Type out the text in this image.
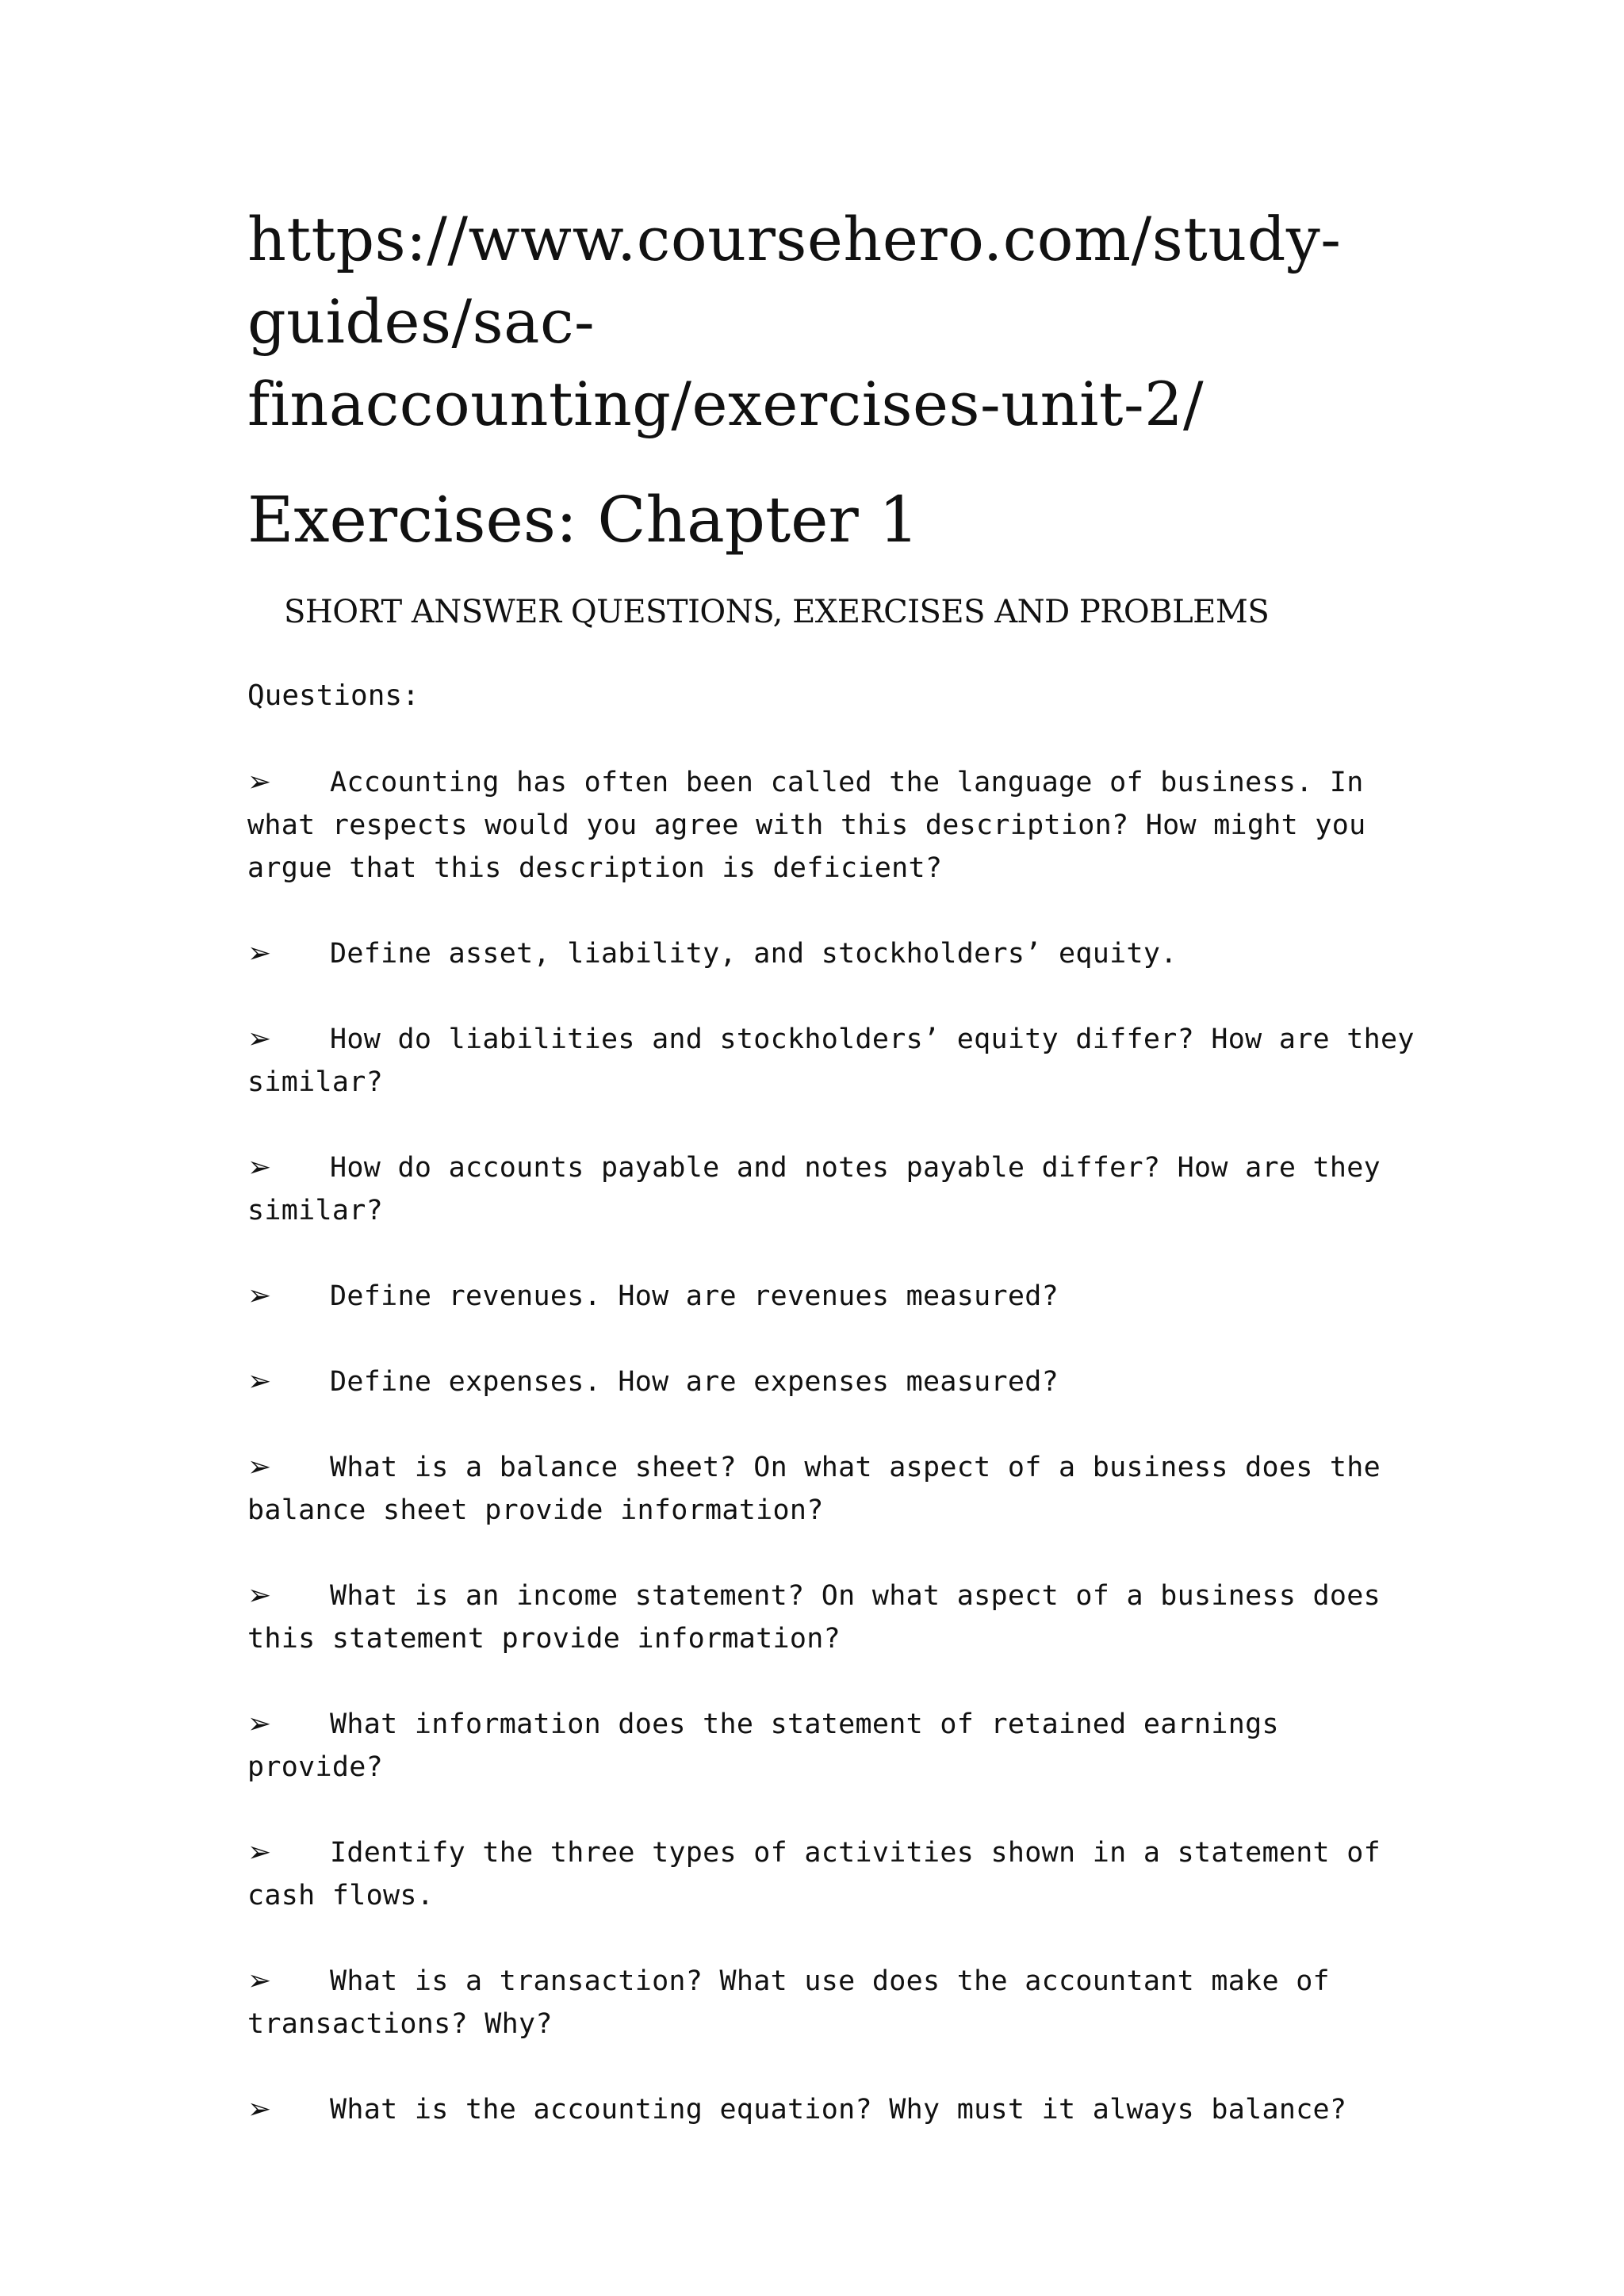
https://www.coursehero.com/study-
guides/sac-
finaccounting/exercises-unit-2/
Exercises: Chapter 1
SHORT ANSWER QUESTIONS, EXERCISES AND PROBLEMS
Questions:
➢ Accounting has often been called the language of business. In what respects would you agree with this description? How might you argue that this description is deficient?
➢ Define asset, liability, and stockholders’ equity.
➢ How do liabilities and stockholders’ equity differ? How are they similar?
➢ How do accounts payable and notes payable differ? How are they similar?
➢ Define revenues. How are revenues measured?
➢ Define expenses. How are expenses measured?
➢ What is a balance sheet? On what aspect of a business does the balance sheet provide information?
➢ What is an income statement? On what aspect of a business does this statement provide information?
➢ What information does the statement of retained earnings provide?
➢ Identify the three types of activities shown in a statement of cash flows.
➢ What is a transaction? What use does the accountant make of transactions? Why?
➢ What is the accounting equation? Why must it always balance?
